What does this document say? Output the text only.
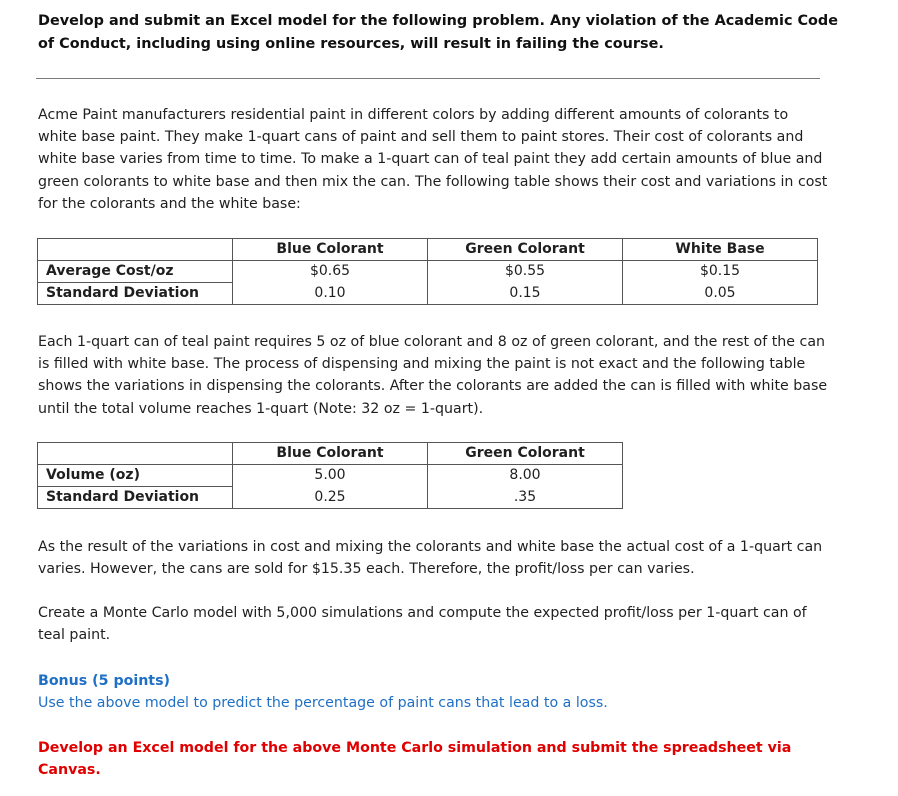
Develop and submit an Excel model for the following problem. Any violation of the Academic Code of Conduct, including using online resources, will result in failing the course.

Acme Paint manufacturers residential paint in different colors by adding different amounts of colorants to white base paint. They make 1-quart cans of paint and sell them to paint stores. Their cost of colorants and white base varies from time to time. To make a 1-quart can of teal paint they add certain amounts of blue and green colorants to white base and then mix the can. The following table shows their cost and variations in cost for the colorants and the white base:

	Blue Colorant	Green Colorant	White Base
Average Cost/oz	$0.65	$0.55	$0.15
Standard Deviation	0.10	0.15	0.05

Each 1-quart can of teal paint requires 5 oz of blue colorant and 8 oz of green colorant, and the rest of the can is filled with white base. The process of dispensing and mixing the paint is not exact and the following table shows the variations in dispensing the colorants. After the colorants are added the can is filled with white base until the total volume reaches 1-quart (Note: 32 oz = 1-quart).

	Blue Colorant	Green Colorant
Volume (oz)	5.00	8.00
Standard Deviation	0.25	.35

As the result of the variations in cost and mixing the colorants and white base the actual cost of a 1-quart can varies. However, the cans are sold for $15.35 each. Therefore, the profit/loss per can varies.

Create a Monte Carlo model with 5,000 simulations and compute the expected profit/loss per 1-quart can of teal paint.

Bonus (5 points)

Use the above model to predict the percentage of paint cans that lead to a loss.

Develop an Excel model for the above Monte Carlo simulation and submit the spreadsheet via Canvas.
